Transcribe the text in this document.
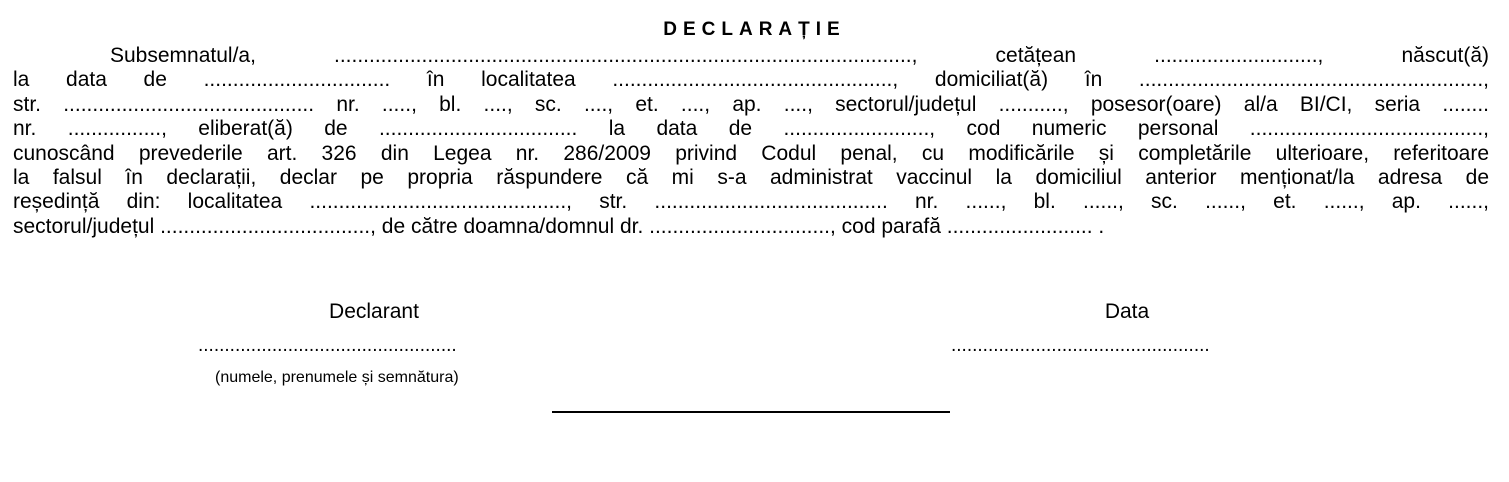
DECLARAȚIE
Subsemnatul/a, ..................................................................................................., cetățean ............................, născut(ă)
la data de ................................ în localitatea ................................................, domiciliat(ă) în ...........................................................,
str. ........................................... nr. ....., bl. ...., sc. ...., et. ...., ap. ...., sectorul/județul ..........., posesor(oare) al/a BI/CI, seria ........
nr. ................, eliberat(ă) de .................................. la data de ........................., cod numeric personal ........................................,
cunoscând prevederile art. 326 din Legea nr. 286/2009 privind Codul penal, cu modificările și completările ulterioare, referitoare
la falsul în declarații, declar pe propria răspundere că mi s-a administrat vaccinul la domiciliul anterior menționat/la adresa de
reședință din: localitatea ............................................, str. ........................................ nr. ......, bl. ......, sc. ......, et. ......, ap. ......,
sectorul/județul ...................................., de către doamna/domnul dr. ..............................., cod parafă ......................... .
Declarant
.................................................
(numele, prenumele și semnătura)
Data
.................................................
